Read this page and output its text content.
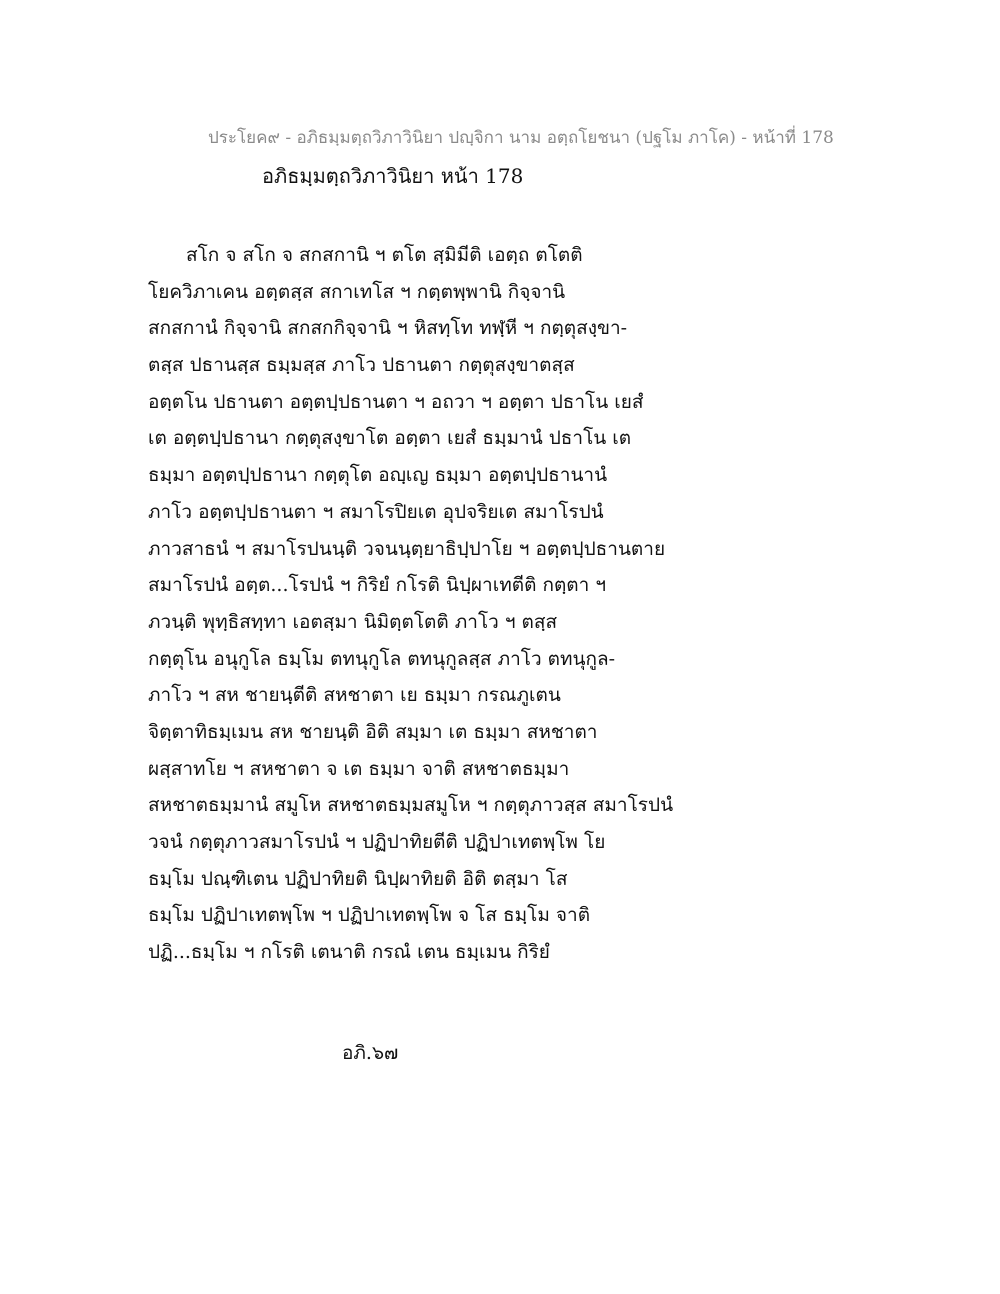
ประโยค๙ - อภิธมฺมตฺถวิภาวินิยา ปญฺจิกา นาม อตฺถโยชนา (ปฐโม ภาโค) - หน้าที่ 178
อภิธมฺมตฺถวิภาวินิยา หน้า 178
สโก จ สโก จ สกสกานิ ฯ ตโต สฺมิมีติ เอตฺถ ตโตติ
โยควิภาเคน อตฺตสฺส สกาเทโส ฯ กตฺตพฺพานิ กิจฺจานิ
สกสกานํ กิจฺจานิ สกสกกิจฺจานิ ฯ หิสทฺโท ทฬฺหี ฯ กตฺตุสงฺขา-
ตสฺส ปธานสฺส ธมฺมสฺส ภาโว ปธานตา กตฺตุสงฺขาตสฺส
อตฺตโน ปธานตา อตฺตปฺปธานตา ฯ อถวา ฯ อตฺตา ปธาโน เยสํ
เต อตฺตปฺปธานา กตฺตุสงฺขาโต อตฺตา เยสํ ธมฺมานํ ปธาโน เต
ธมฺมา อตฺตปฺปธานา กตฺตุโต อญฺเญ ธมฺมา อตฺตปฺปธานานํ
ภาโว อตฺตปฺปธานตา ฯ สมาโรปิยเต อุปจริยเต สมาโรปนํ
ภาวสาธนํ ฯ สมาโรปนนฺติ วจนนฺตฺยาธิปฺปาโย ฯ อตฺตปฺปธานตาย
สมาโรปนํ อตฺต...โรปนํ ฯ กิริยํ กโรติ นิปฺผาเทตีติ กตฺตา ฯ
ภวนฺติ พุทฺธิสทฺทา เอตสฺมา นิมิตฺตโตติ ภาโว ฯ ตสฺส
กตฺตุโน อนุกูโล ธมฺโม ตทนุกูโล ตทนุกูลสฺส ภาโว ตทนุกูล-
ภาโว ฯ สห ชายนฺตีติ สหชาตา เย ธมฺมา กรณภูเตน
จิตฺตาทิธมฺเมน สห ชายนฺติ อิติ สมฺมา เต ธมฺมา สหชาตา
ผสฺสาทโย ฯ สหชาตา จ เต ธมฺมา จาติ สหชาตธมฺมา
สหชาตธมฺมานํ สมูโห สหชาตธมฺมสมูโห ฯ กตฺตุภาวสฺส สมาโรปนํ
วจนํ กตฺตุภาวสมาโรปนํ ฯ ปฏิปาทิยตีติ ปฏิปาเทตพฺโพ โย
ธมฺโม ปณฺฑิเตน ปฏิปาทิยติ นิปฺผาทิยติ อิติ ตสฺมา โส
ธมฺโม ปฏิปาเทตพฺโพ ฯ ปฏิปาเทตพฺโพ จ โส ธมฺโม จาติ
ปฏิ...ธมฺโม ฯ กโรติ เตนาติ กรณํ เตน ธมฺเมน กิริยํ
อภิ.๖๗
